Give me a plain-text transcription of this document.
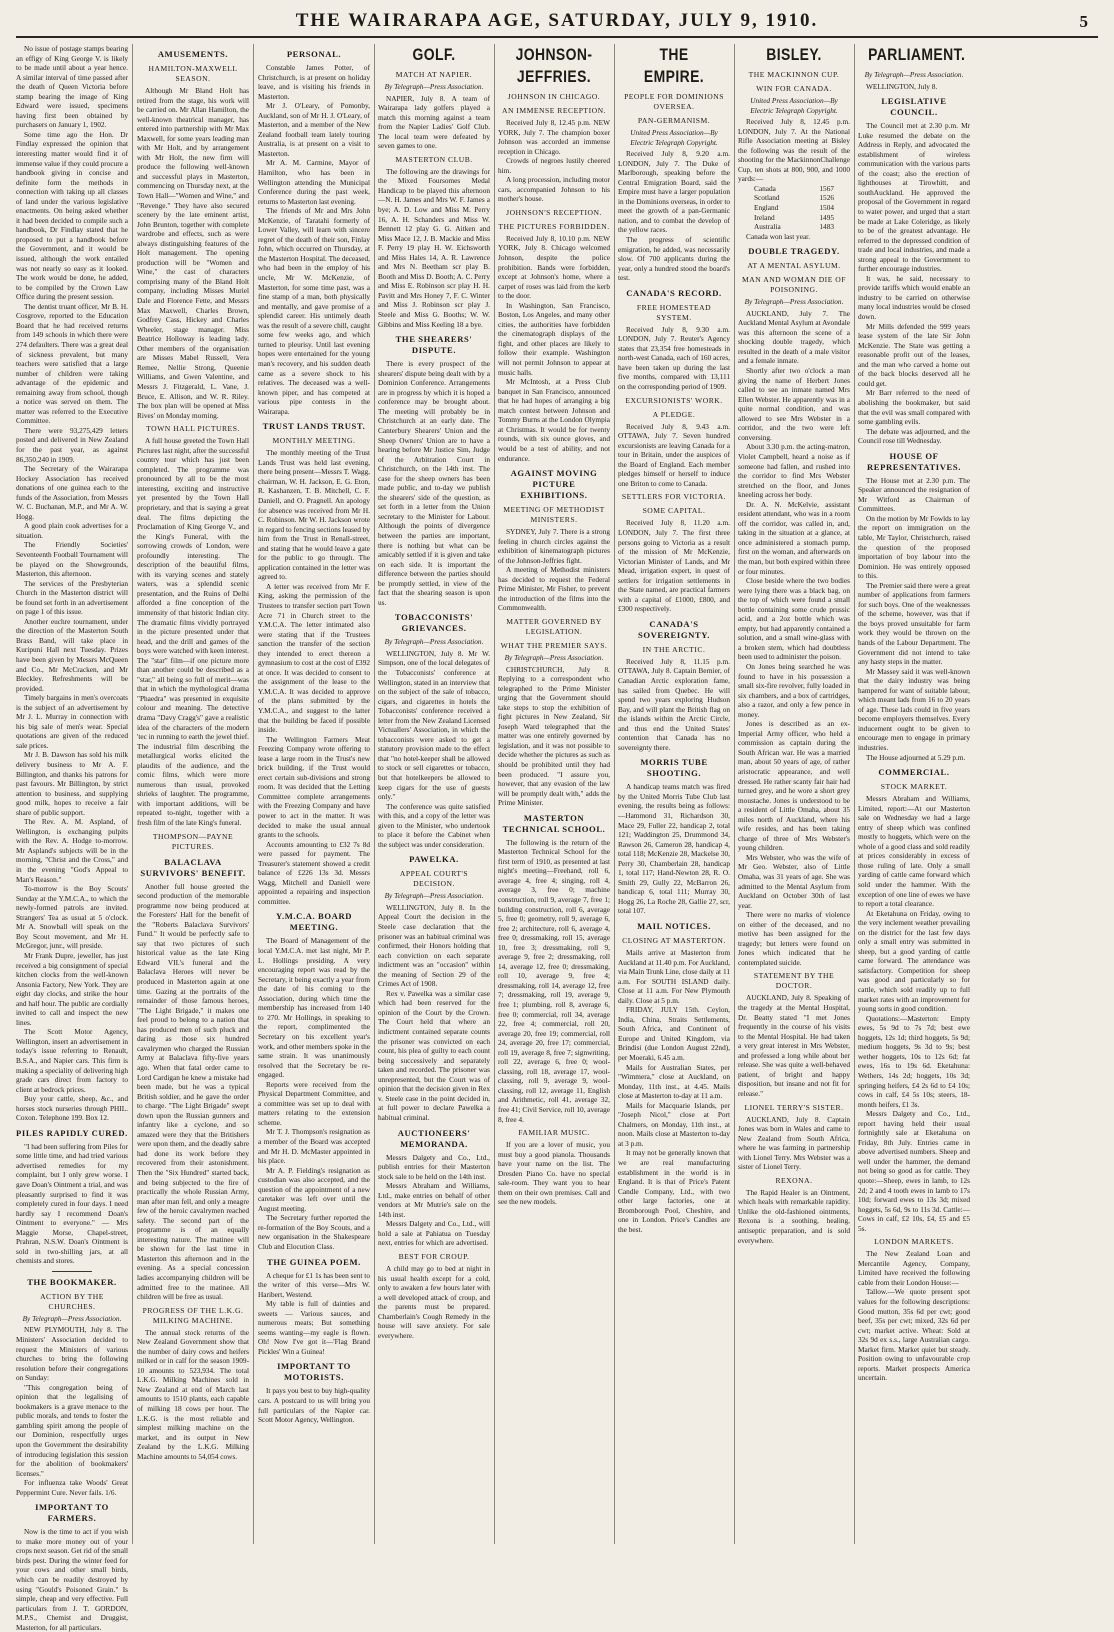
THE WAIRARAPA AGE, SATURDAY, JULY 9, 1910.	5

No issue of postage stamps bearing an effigy of King George V. is likely to be made until about a year hence. A similar interval of time passed after the death of Queen Victoria before stamp bearing the image of King Edward were issued, specimens having first been obtained by purchasers on January 1, 1902.

Some time ago the Hon. Dr Findlay expressed the opinion that interesting matter would find it of immense value if they could procure a handbook giving in concise and definite form the methods in connection with taking up all classes of land under the various legislative enactments. On being asked whether it had been decided to compile such a handbook, Dr Findlay stated that he proposed to put a handbook before the Government, and it would be issued, although the work entailed was not nearly so easy as it looked. The work would be done, he added, to be compiled by the Crown Law Office during the present session.

The dentist truant officer, Mr B. H. Cosgrove, reported to the Education Board that he had received returns from 149 schools in which there were 274 defaulters. There was a great deal of sickness prevalent, but many teachers were satisfied that a large number of children were taking advantage of the epidemic and remaining away from school, though a notice was served on them. The matter was referred to the Executive Committee.

There were 93,275,429 letters posted and delivered in New Zealand for the past year, as against 86,350,240 in 1909.

The Secretary of the Wairarapa Hockey Association has received donations of one guinea each to the funds of the Association, from Messrs W. C. Buchanan, M.P., and Mr A. W. Hogg.

A good plain cook advertises for a situation.

The Friendly Societies' Seventeenth Football Tournament will be played on the Showgrounds, Masterton, this afternoon.

The services of the Presbyterian Church in the Masterton district will be found set forth in an advertisement on page 1 of this issue.

Another euchre tournament, under the direction of the Masterton South Brass Band, will take place in Kuripuni Hall next Tuesday. Prizes have been given by Messrs McQueen and Co., Mr McCracken, and Mr Bleckley. Refreshments will be provided.

Timely bargains in men's overcoats is the subject of an advertisement by Mr J. L. Murray in connection with his big sale of men's wear. Special quotations are given of the reduced sale prices.

Mr J. B. Dawson has sold his milk delivery business to Mr A. F. Billington, and thanks his patrons for past favours. Mr Billington, by strict attention to business, and supplying good milk, hopes to receive a fair share of public support.

The Rev. A. M. Aspland, of Wellington, is exchanging pulpits with the Rev. A. Hodge to-morrow. Mr Aspland's subjects will be in the morning, "Christ and the Cross," and in the evening "God's Appeal to Man's Reason."

To-morrow is the Boy Scouts' Sunday at the Y.M.C.A., to which the newly-formed patrols are invited. Strangers' Tea as usual at 5 o'clock. Mr A. Snowball will speak on the Boy Scout movement, and Mr H. McGregor, junr., will preside.

Mr Frank Dupre, jeweller, has just received a big consignment of special kitchen clocks from the well-known Ansonia Factory, New York. They are eight day clocks, and strike the hour and half hour. The public are cordially invited to call and inspect the new lines.

The Scott Motor Agency, Wellington, insert an advertisement in today's issue referring to Renault, B.S.A., and Napier cars. This firm is making a speciality of delivering high grade cars direct from factory to client at bedrock prices.

Buy your cattle, sheep, &c., and horses stock nurseries through PHIL. Coxon. Telephone 199. Box 12.

PILES RAPIDLY CURED.

"I had been suffering from Piles for some little time, and had tried various advertised remedies for my complaint, but I only grew worse. I gave Doan's Ointment a trial, and was pleasantly surprised to find it was completely cured in four days. I need hardly say I recommend Doan's Ointment to everyone." — Mrs Maggie Morse, Chapel-street, Prahran, N.S.W. Doan's Ointment is sold in two-shilling jars, at all chemists and stores.

THE BOOKMAKER.
ACTION BY THE CHURCHES.
By Telegraph—Press Association.

NEW PLYMOUTH, July 8. The Ministers' Association decided to request the Ministers of various churches to bring the following resolution before their congregations on Sunday:

"This congregation being of opinion that the legalising of bookmakers is a grave menace to the public morals, and tends to foster the gambling spirit among the people of our Dominion, respectfully urges upon the Government the desirability of introducing legislation this session for the abolition of bookmakers' licenses."

For influenza take Woods' Great Peppermint Cure. Never fails. 1/6.

IMPORTANT TO FARMERS.

Now is the time to act if you wish to make more money out of your crops next season. Get rid of the small birds pest. During the winter feed for your cows and other small birds, which can be readily destroyed by using "Gould's Poisoned Grain." Is simple, cheap and very effective. Full particulars from J. T. GORDON, M.P.S., Chemist and Druggist, Masterton, for all particulars.

AMUSEMENTS.
HAMILTON-MAXWELL SEASON.

Although Mr Bland Holt has retired from the stage, his work will be carried on. Mr Allan Hamilton, the well-known theatrical manager, has entered into partnership with Mr Max Maxwell, for some years leading man with Mr Holt, and by arrangement with Mr Holt, the new firm will produce the following well-known and successful plays in Masterton, commencing on Thursday next, at the Town Hall—"Women and Wine," and "Revenge." They have also secured scenery by the late eminent artist, John Brunton, together with complete wardrobe and effects, such as were always distinguishing features of the Holt management. The opening production will be "Women and Wine," the cast of characters comprising many of the Bland Holt company, including Misses Muriel Dale and Florence Fette, and Messrs Max Maxwell, Charles Brown, Godfrey Cass, Hickey and Charles Wheeler, stage manager. Miss Beatrice Holloway is leading lady. Other members of the organisation are Misses Mabel Russell, Vera Remee, Nellie Strong, Queenie Williams, and Gwen Valentine, and Messrs J. Fitzgerald, L. Vane, J. Bruce, E. Allison, and W. R. Riley. The box plan will be opened at Miss Rives' on Monday morning.

TOWN HALL PICTURES.

A full house greeted the Town Hall Pictures last night, after the successful country tour which has just been completed. The programme was pronounced by all to be the most interesting, exciting and instructive yet presented by the Town Hall proprietary, and that is saying a great deal. The films depicting the Proclamation of King George V., and the King's Funeral, with the sorrowing crowds of London, were profoundly interesting. The description of the beautiful films, with its varying scenes and stately waters, was a splendid scenic presentation, and the Ruins of Delhi afforded a fine conception of the immensity of that historic Indian city. The dramatic films vividly portrayed in the picture presented under that head, and the drill and games of the boys were watched with keen interest. The "star" film—if one picture more than another could be described as a "star," all being so full of merit—was that in which the mythological drama "Phaedra" was presented in exquisite colour and meaning. The detective drama "Davy Cragg's" gave a realistic idea of the characters of the modern 'tec in running to earth the jewel thief. The industrial film describing the metallurgical works elicited the plaudits of the audience, and the comic films, which were more numerous than usual, provoked shrieks of laughter. The programme, with important additions, will be repeated to-night, together with a fresh film of the late King's funeral.

THOMPSON—PAYNE PICTURES.
BALACLAVA SURVIVORS' BENEFIT.

Another full house greeted the second production of the memorable programme now being produced at the Foresters' Hall for the benefit of the "Roberts Balaclava Survivors' Fund." It would be perfectly safe to say that two pictures of such historical value as the late King Edward VII.'s funeral and the Balaclava Heroes will never be produced in Masterton again at one time. Gazing at the portraits of the remainder of those famous heroes, "The Light Brigade," it makes one feel proud to belong to a nation that has produced men of such pluck and daring as those six hundred cavalrymen who charged the Russian Army at Balaclava fifty-five years ago. When that fatal order came to Lord Cardigan he knew a mistake had been made, but he was a typical British soldier, and he gave the order to charge. "The Light Brigade" swept down upon the Russian gunners and infantry like a cyclone, and so amazed were they that the Britishers were upon them, and the deadly sabre had done its work before they recovered from their astonishment. Then the "Six Hundred" started back, and being subjected to the fire of practically the whole Russian Army, man after man fell, and only a meagre few of the heroic cavalrymen reached safety. The second part of the programme is of an equally interesting nature. The matinee will be shown for the last time in Masterton this afternoon and in the evening. As a special concession ladies accompanying children will be admitted free to the matinee. All children will be free as usual.

PROGRESS OF THE L.K.G. MILKING MACHINE.

The annual stock returns of the New Zealand Government show that the number of dairy cows and heifers milked or in calf for the season 1909-10 amounts to 523,934. The total L.K.G. Milking Machines sold in New Zealand at end of March last amounts to 1510 plants, each capable of milking 18 cows per hour. The L.K.G. is the most reliable and simplest milking machine on the market, and its output in New Zealand by the L.K.G. Milking Machine amounts to 54,054 cows.

PERSONAL.

Constable James Potter, of Christchurch, is at present on holiday leave, and is visiting his friends in Masterton.

Mr J. O'Leary, of Pomonby, Auckland, son of Mr H. J. O'Leary, of Masterton, and a member of the New Zealand football team lately touring Australia, is at present on a visit to Masterton.

Mr A. M. Carmine, Mayor of Hamilton, who has been in Wellington attending the Municipal Conference during the past week, returns to Masterton last evening.

The friends of Mr and Mrs John McKenzie, of Taratahi formerly of Lower Valley, will learn with sincere regret of the death of their son, Finlay John, which occurred on Thursday, at the Masterton Hospital. The deceased, who had been in the employ of his uncle, Mr W. McKenzie, of Masterton, for some time past, was a fine stamp of a man, both physically and mentally, and gave promise of a splendid career. His untimely death was the result of a severe chill, caught some few weeks ago, and which turned to pleurisy. Until last evening hopes were entertained for the young man's recovery, and his sudden death came as a severe shock to his relatives. The deceased was a well-known piper, and has competed at various pipe contests in the Wairarapa.

TRUST LANDS TRUST.
MONTHLY MEETING.

The monthly meeting of the Trust Lands Trust was held last evening, there being present—Messrs T. Wagg, chairman, W. H. Jackson, E. G. Eton, R. Kashanzen, T. B. Mitchell, C. F. Daniell, and O. Pragnell. An apology for absence was received from Mr H. C. Robinson. Mr W. H. Jackson wrote in regard to fencing sections leased by him from the Trust in Renall-street, and stating that he would leave a gate for the public to go through. The application contained in the letter was agreed to.

A letter was received from Mr F. King, asking the permission of the Trustees to transfer section part Town Acre 71 in Church street to the Y.M.C.A. The letter intimated also were stating that if the Trustees sanction the transfer of the section they intended to erect thereon a gymnasium to cost at the cost of £392 at once. It was decided to consent to the assignment of the lease to the Y.M.C.A. It was decided to approve of the plans submitted by the Y.M.C.A., and suggest to the latter that the building be faced if possible inside.

The Wellington Farmers Meat Freezing Company wrote offering to lease a large room in the Trust's new brick building, if the Trust would erect certain sub-divisions and strong room. It was decided that the Letting Committee complete arrangements with the Freezing Company and have power to act in the matter. It was decided to make the usual annual grants to the schools.

Accounts amounting to £32 7s 8d were passed for payment. The Treasurer's statement showed a credit balance of £226 13s 3d. Messrs Wagg, Mitchell and Daniell were appointed a repairing and inspection committee.

Y.M.C.A. BOARD MEETING.

The Board of Management of the local Y.M.C.A. met last night, Mr P. L. Hollings presiding. A very encouraging report was read by the Secretary, it being exactly a year from the date of his coming to the Association, during which time the membership has increased from 140 to 270. Mr Hollings, in speaking to the report, complimented the Secretary on his excellent year's work, and other members spoke in the same strain. It was unanimously resolved that the Secretary be re-engaged.

Reports were received from the Physical Department Committee, and a committee was set up to deal with matters relating to the extension scheme.

Mr T. J. Thompson's resignation as a member of the Board was accepted and Mr H. D. McMaster appointed in his place.

Mr A. P. Fielding's resignation as custodian was also accepted, and the question of the appointment of a new caretaker was left over until the August meeting.

The Secretary further reported the re-formation of the Boy Scouts, and a new organisation in the Shakespeare Club and Elocution Class.

THE GUINEA POEM.

A cheque for £1 1s has been sent to the writer of this verse—Mrs W. Haribert, Westend.

My table is full of dainties and sweets — Various sauces, and numerous meats; But something seems wanting—my eagle is flown. Oh! Now I've got it—'Flag Brand Pickles' Win a Guinea!

IMPORTANT TO MOTORISTS.

It pays you best to buy high-quality cars. A postcard to us will bring you full particulars of the Napier car. Scott Motor Agency, Wellington.

GOLF.
MATCH AT NAPIER.
By Telegraph—Press Association.

NAPIER, July 8. A team of Wairarapa lady golfers played a match this morning against a team from the Napier Ladies' Golf Club. The local team were defeated by seven games to one.

MASTERTON CLUB.

The following are the drawings for the Mixed Foursomes Medal Handicap to be played this afternoon—N. H. James and Mrs W. F. James a bye; A. D. Low and Miss M. Perry 16, A. H. Schanders and Miss W. Bennett 12 play G. G. Aitken and Miss Mace 12, J. B. Mackie and Miss F. Perry 19 play H. W. Eichsworth and Miss Hales 14, A. R. Lawrence and Mrs N. Beetham scr play B. Booth and Miss D. Booth; A. C. Perry and Miss E. Robinson scr play H. H. Pavitt and Mrs Honey 7, F. C. Winter and Miss J. Robinson scr play J. Steele and Miss G. Booths; W. W. Gibbins and Miss Keeling 18 a bye.

THE SHEARERS' DISPUTE.

There is every prospect of the shearers' dispute being dealt with by a Dominion Conference. Arrangements are in progress by which it is hoped a conference may be brought about. The meeting will probably be in Christchurch at an early date. The Canterbury Shearers' Union and the Sheep Owners' Union are to have a hearing before Mr Justice Sim, Judge of the Arbitration Court in Christchurch, on the 14th inst. The case for the sheep owners has been made public, and to-day we publish the shearers' side of the question, as set forth in a letter from the Union secretary to the Minister for Labour. Although the points of divergence between the parties are important, there is nothing but what can be amicably settled if it is given and take on each side. It is important the difference between the parties should be promptly settled, in view of the fact that the shearing season is upon us.

TOBACCONISTS' GRIEVANCES.
By Telegraph—Press Association.

WELLINGTON, July 8. Mr W. Simpson, one of the local delegates of the Tobacconists' conference at Wellington, stated in an interview that on the subject of the sale of tobacco, cigars, and cigarettes in hotels the Tobacconists' conference received a letter from the New Zealand Licensed Victuallers' Association, in which the tobacconists were asked to get a statutory provision made to the effect that "no hotel-keeper shall be allowed to stock or sell cigarettes or tobacco, but that hotelkeepers be allowed to keep cigars for the use of guests only."

The conference was quite satisfied with this, and a copy of the letter was given to the Minister, who undertook to place it before the Cabinet when the subject was under consideration.

PAWELKA.
APPEAL COURT'S DECISION.
By Telegraph—Press Association.

WELLINGTON, July 8. In the Appeal Court the decision in the Steele case declaration that the prisoner was an habitual criminal was confirmed, their Honors holding that each conviction on each separate indictment was an "occasion" within the meaning of Section 29 of the Crimes Act of 1908.

Rex v. Pawelka was a similar case which had been reserved for the opinion of the Court by the Crown. The Court held that where an indictment contained separate counts the prisoner was convicted on each count, his plea of guilty to each count being successively and separately taken and recorded. The prisoner was unrepresented, but the Court was of opinion that the decision given in Rex v. Steele case in the point decided in, at full power to declare Pawelka a habitual criminal.

AUCTIONEERS' MEMORANDA.

Messrs Dalgety and Co., Ltd., publish entries for their Masterton stock sale to be held on the 14th inst.

Messrs Abraham and Williams, Ltd., make entries on behalf of other vendors at Mr Mutrie's sale on the 14th inst.

Messrs Dalgety and Co., Ltd., will hold a sale at Pahiatua on Tuesday next, entries for which are advertised.

BEST FOR CROUP.

A child may go to bed at night in his usual health except for a cold, only to awaken a few hours later with a well developed attack of croup, and the parents must be prepared. Chamberlain's Cough Remedy in the house will save anxiety. For sale everywhere.

JOHNSON-JEFFRIES.
JOHNSON IN CHICAGO.
AN IMMENSE RECEPTION.

Received July 8, 12.45 p.m. NEW YORK, July 7. The champion boxer Johnson was accorded an immense reception in Chicago.

Crowds of negroes lustily cheered him.

A long procession, including motor cars, accompanied Johnson to his mother's house.

JOHNSON'S RECEPTION.
THE PICTURES FORBIDDEN.

Received July 8, 10.10 p.m. NEW YORK, July 8. Chicago welcomed Johnson, despite the police prohibition. Bands were forbidden, except at Johnson's home, where a carpet of roses was laid from the kerb to the door.

In Washington, San Francisco, Boston, Los Angeles, and many other cities, the authorities have forbidden the cinematograph displays of the fight, and other places are likely to follow their example. Washington will not permit Johnson to appear at music halls.

Mr McIntosh, at a Press Club banquet in San Francisco, announced that he had hopes of arranging a big match contest between Johnson and Tommy Burns at the London Olympia at Christmas. It would be for twenty rounds, with six ounce gloves, and would be a test of ability, and not endurance.

AGAINST MOVING PICTURE EXHIBITIONS.
MEETING OF METHODIST MINISTERS.

SYDNEY, July 7. There is a strong feeling in church circles against the exhibition of kinematograph pictures of the Johnson-Jeffries fight.

A meeting of Methodist ministers has decided to request the Federal Prime Minister, Mr Fisher, to prevent the introduction of the films into the Commonwealth.

MATTER GOVERNED BY LEGISLATION.
WHAT THE PREMIER SAYS.
By Telegraph—Press Association.

CHRISTCHURCH, July 8. Replying to a correspondent who telegraphed to the Prime Minister urging that the Government should take steps to stop the exhibition of fight pictures in New Zealand, Sir Joseph Ward telegraphed that the matter was one entirely governed by legislation, and it was not possible to decide whether the pictures as such as should be prohibited until they had been produced. "I assure you, however, that any evasion of the law will be promptly dealt with," adds the Prime Minister.

MASTERTON TECHNICAL SCHOOL.

The following is the return of the Masterton Technical School for the first term of 1910, as presented at last night's meeting—Freehand, roll 6, average 4, free 4; singing, roll 4, average 3, free 0; machine construction, roll 9, average 7, free 1; building construction, roll 6, average 5, free 0; geometry, roll 9, average 6, free 2; architecture, roll 6, average 4, free 0; dressmaking, roll 15, average 10, free 3; dressmaking, roll 9, average 9, free 2; dressmaking, roll 14, average 12, free 0; dressmaking, roll 10, average 9, free 4; dressmaking, roll 14, average 12, free 7; dressmaking, roll 19, average 9, free 1; plumbing, roll 8, average 6, free 0; commercial, roll 34, average 22, free 4; commercial, roll 20, average 20, free 19; commercial, roll 24, average 20, free 17; commercial, roll 19, average 8, free 7; signwriting, roll 22, average 6, free 0; wool-classing, roll 18, average 17, wool-classing, roll 9, average 9, wool-classing, roll 12, average 11, English and Arithmetic, roll 41, average 32, free 41; Civil Service, roll 10, average 8, free 4.

FAMILIAR MUSIC.

If you are a lover of music, you must buy a good pianola. Thousands have your name on the list. The Dresden Piano Co. have no special sale-room. They want you to hear them on their own premises. Call and see the new models.

THE EMPIRE.
PEOPLE FOR DOMINIONS OVERSEA.
PAN-GERMANISM.
United Press Association—By Electric Telegraph Copyright.

Received July 8, 9.20 a.m. LONDON, July 7. The Duke of Marlborough, speaking before the Central Emigration Board, said the Empire must have a larger population in the Dominions overseas, in order to meet the growth of a pan-Germanic nation, and to combat the develop of the yellow races.

The progress of scientific emigration, he added, was necessarily slow. Of 700 applicants during the year, only a hundred stood the board's test.

CANADA'S RECORD.
FREE HOMESTEAD SYSTEM.

Received July 8, 9.30 a.m. LONDON, July 7. Reuter's Agency states that 23,354 free homesteads in north-west Canada, each of 160 acres, have been taken up during the last five months, compared with 13,111 on the corresponding period of 1909.

EXCURSIONISTS' WORK.
A PLEDGE.

Received July 8, 9.43 a.m. OTTAWA, July 7. Seven hundred excursionists are leaving Canada for a tour in Britain, under the auspices of the Board of England. Each member pledges himself or herself to induce one Briton to come to Canada.

SETTLERS FOR VICTORIA.
SOME CAPITAL.

Received July 8, 11.20 a.m. LONDON, July 7. The first three persons going to Victoria as a result of the mission of Mr McKenzie, Victorian Minister of Lands, and Mr Mead, irrigation expert, in quest of settlers for irrigation settlements in the State named, are practical farmers with a capital of £1000, £800, and £300 respectively.

CANADA'S SOVEREIGNTY.
IN THE ARCTIC.

Received July 8, 11.15 p.m. OTTAWA, July 8. Captain Bernier, of Canadian Arctic exploration fame, has sailed from Quebec. He will spend two years exploring Hudson Bay, and will plant the British flag on the islands within the Arctic Circle, and thus end the United States' contention that Canada has no sovereignty there.

MORRIS TUBE SHOOTING.

A handicap teams match was fired by the United Morris Tube Club last evening, the results being as follows:—Hammond 31, Richardson 30, Mace 29, Fuller 22, handicap 2, total 121; Waddington 25, Drummond 34, Rawson 26, Cameron 28, handicap 4, total 118; McKenzie 28, Mackelse 30, Perry 30, Chamberlain 28, handicap 1, total 117; Hand-Newton 28, R. O. Smith 29, Gully 22, McBarron 26, handicap 6, total 111; Murray 30, Hogg 26, La Roche 28, Gallie 27, scr, total 107.

MAIL NOTICES.
CLOSING AT MASTERTON.

Mails arrive at Masterton from Auckland at 11.40 p.m. For Auckland, via Main Trunk Line, close daily at 11 a.m. For SOUTH ISLAND daily. Close at 11 a.m. For New Plymouth daily. Close at 5 p.m.

FRIDAY, JULY 15th. Ceylon, India, China, Straits Settlements, South Africa, and Continent of Europe and United Kingdom, via Brindisi (due London August 22nd), per Moeraki, 6.45 a.m.

Mails for Australian States, per "Wimmera," close at Auckland, on Monday, 11th inst., at 4.45. Mails close at Masterton to-day at 11 a.m.

Mails for Macquarie Islands, per "Joseph Nicol," close at Port Chalmers, on Monday, 11th inst., at noon. Mails close at Masterton to-day at 3 p.m.

It may not be generally known that we are real manufacturing establishment in the world is in England. It is that of Price's Patent Candle Company, Ltd., with two other large factories, one at Bromborough Pool, Cheshire, and one in London. Price's Candles are the best.

BISLEY.
THE MACKINNON CUP.
WIN FOR CANADA.
United Press Association—By Electric Telegraph Copyright.

Received July 8, 12.45 p.m. LONDON, July 7. At the National Rifle Association meeting at Bisley the following was the result of the shooting for the MackinnonChallenge Cup, ten shots at 800, 900, and 1000 yards:—

Canada	1567
Scotland	1526
England	1504
Ireland	1495
Australia	1483

Canada won last year.

DOUBLE TRAGEDY.
AT A MENTAL ASYLUM.
MAN AND WOMAN DIE OF POISONING.
By Telegraph—Press Association.

AUCKLAND, July 7. The Auckland Mental Asylum at Avondale was this afternoon the scene of a shocking double tragedy, which resulted in the death of a male visitor and a female inmate.

Shortly after two o'clock a man giving the name of Herbert Jones called to see an inmate named Mrs Ellen Webster. He apparently was in a quite normal condition, and was allowed to see Mrs Webster in a corridor, and the two were left conversing.

About 3.30 p.m. the acting-matron, Violet Campbell, heard a noise as if someone had fallen, and rushed into the corridor to find Mrs Webster stretched on the floor, and Jones kneeling across her body.

Dr. A. N. McKelvie, assistant resident attendant, who was in a room off the corridor, was called in, and, taking in the situation at a glance, at once administered a stomach pump, first on the woman, and afterwards on the man, but both expired within three or four minutes.

Close beside where the two bodies were lying there was a black bag, on the top of which were found a small bottle containing some crude prussic acid, and a 2oz bottle which was empty, but had apparently contained a solution, and a small wine-glass with a broken stem, which had doubtless been used to administer the poison.

On Jones being searched he was found to have in his possession a small six-fire revolver, fully loaded in six chambers, and a box of cartridges, also a razor, and only a few pence in money.

Jones is described as an ex-Imperial Army officer, who held a commission as captain during the South African war. He was a married man, about 50 years of age, of rather aristocratic appearance, and well dressed. He rather scanty fair hair had turned grey, and he wore a short grey moustache. Jones is understood to be a resident of Little Omaha, about 35 miles north of Auckland, where his wife resides, and has been taking charge of three of Mrs Webster's young children.

Mrs Webster, who was the wife of Mr Geo. Webster, also of Little Omaha, was 31 years of age. She was admitted to the Mental Asylum from Auckland on October 30th of last year.

There were no marks of violence on either of the deceased, and no motive has been assigned for the tragedy; but letters were found on Jones which indicated that he contemplated suicide.

STATEMENT BY THE DOCTOR.

AUCKLAND, July 8. Speaking of the tragedy at the Mental Hospital, Dr. Beatty stated "I met Jones frequently in the course of his visits to the Mental Hospital. He had taken a very great interest in Mrs Webster, and professed a long while about her release. She was quite a well-behaved patient, of bright and happy disposition, but insane and not fit for release."

LIONEL TERRY'S SISTER.

AUCKLAND, July 8. Captain Jones was born in Wales and came to New Zealand from South Africa, where he was farming in partnership with Lionel Terry. Mrs Webster was a sister of Lionel Terry.

REXONA.

The Rapid Healer is an Ointment, which heals with remarkable rapidity. Unlike the old-fashioned ointments, Rexona is a soothing, healing, antiseptic preparation, and is sold everywhere.

PARLIAMENT.
By Telegraph—Press Association.

WELLINGTON, July 8.

LEGISLATIVE COUNCIL.

The Council met at 2.30 p.m. Mr Luke resumed the debate on the Address in Reply, and advocated the establishment of wireless communication with the various parts of the coast; also the erection of lighthouses at Tirowhitt, and southAuckland. He approved the proposal of the Government in regard to water power, and urged that a start be made at Lake Coleridge, as likely to be of the greatest advantage. He referred to the depressed condition of trade and local industries, and made a strong appeal to the Government to further encourage industries.

It was, he said, necessary to provide tariffs which would enable an industry to be carried on otherwise many local industries would be closed down.

Mr Mills defended the 999 years lease system of the late Sir John McKenzie. The State was getting a reasonable profit out of the leases, and the man who carved a home out of the back blocks deserved all he could get.

Mr Barr referred to the need of abolishing the bookmaker, but said that the evil was small compared with some gambling evils.

The debate was adjourned, and the Council rose till Wednesday.

HOUSE OF REPRESENTATIVES.

The House met at 2.30 p.m. The Speaker announced the resignation of Mr Witford as Chairman of Committees.

On the motion by Mr Fowlds to lay the report on immigration on the table, Mr Taylor, Christchurch, raised the question of the proposed importation of boy labour into the Dominion. He was entirely opposed to this.

The Premier said there were a great number of applications from farmers for such boys. One of the weaknesses of the scheme, however, was that if the boys proved unsuitable for farm work they would be thrown on the hands of the Labour Department. The Government did not intend to take any hasty steps in the matter.

Mr Massey said it was well-known that the dairy industry was being hampered for want of suitable labour, which meant lads from 16 to 20 years of age. These lads could in five years become employers themselves. Every inducement ought to be given to encourage men to engage in primary industries.

The House adjourned at 5.29 p.m.

COMMERCIAL.
STOCK MARKET.

Messrs Abraham and Williams, Limited, report:—At our Masterton sale on Wednesday we had a large entry of sheep which was confined mostly to hoggets, which were on the whole of a good class and sold readily at prices considerably in excess of those ruling of late. Only a small yarding of cattle came forward which sold under the hammer. With the exception of one line of ewes we have to report a total clearance.

At Eketahuna on Friday, owing to the very inclement weather prevailing on the district for the last few days only a small entry was submitted in sheep, but a good yarding of cattle came forward. The attendance was satisfactory. Competition for sheep was good and particularly so for cattle, which sold readily up to full market rates with an improvement for young sorts in good condition.

Quotations:—Masterton: Empty ewes, 5s 9d to 7s 7d; best ewe hoggets, 12s 1d; third hoggets, 5s 9d; medium hoggets, 9s 3d to 9s; best wether hoggets, 10s to 12s 6d; fat ewes, 16s to 19s 6d. Eketahuna: Wethers, 14s 2d; hoggets, 10s 3d; springing heifers, £4 2s 6d to £4 10s; cows in calf, £4 5s 10s; steers, 18-month heifers, £1 3s.

Messrs Dalgety and Co., Ltd., report having held their usual fortnightly sale at Eketahuna on Friday, 8th July. Entries came in above advertised numbers. Sheep and well under the hammer, the demand not being so good as for cattle. They quote:—Sheep, ewes in lamb, to 12s 2d; 2 and 4 tooth ewes in lamb to 17s 10d; forward ewes to 13s 3d; mixed hoggets, 5s 6d, 9s to 11s 3d. Cattle:—Cows in calf, £2 10s, £4, £5 and £5 5s.

LONDON MARKETS.

The New Zealand Loan and Mercantile Agency, Company, Limited have received the following cable from their London House:—

Tallow.—We quote present spot values for the following descriptions: Good mutton, 35s 6d per cwt; good beef, 35s per cwt; mixed, 32s 6d per cwt; market active. Wheat: Sold at 32s 9d ex s.s., large Australian cargo. Market firm. Market quiet but steady. Position owing to unfavourable crop reports. Market prospects America uncertain.
